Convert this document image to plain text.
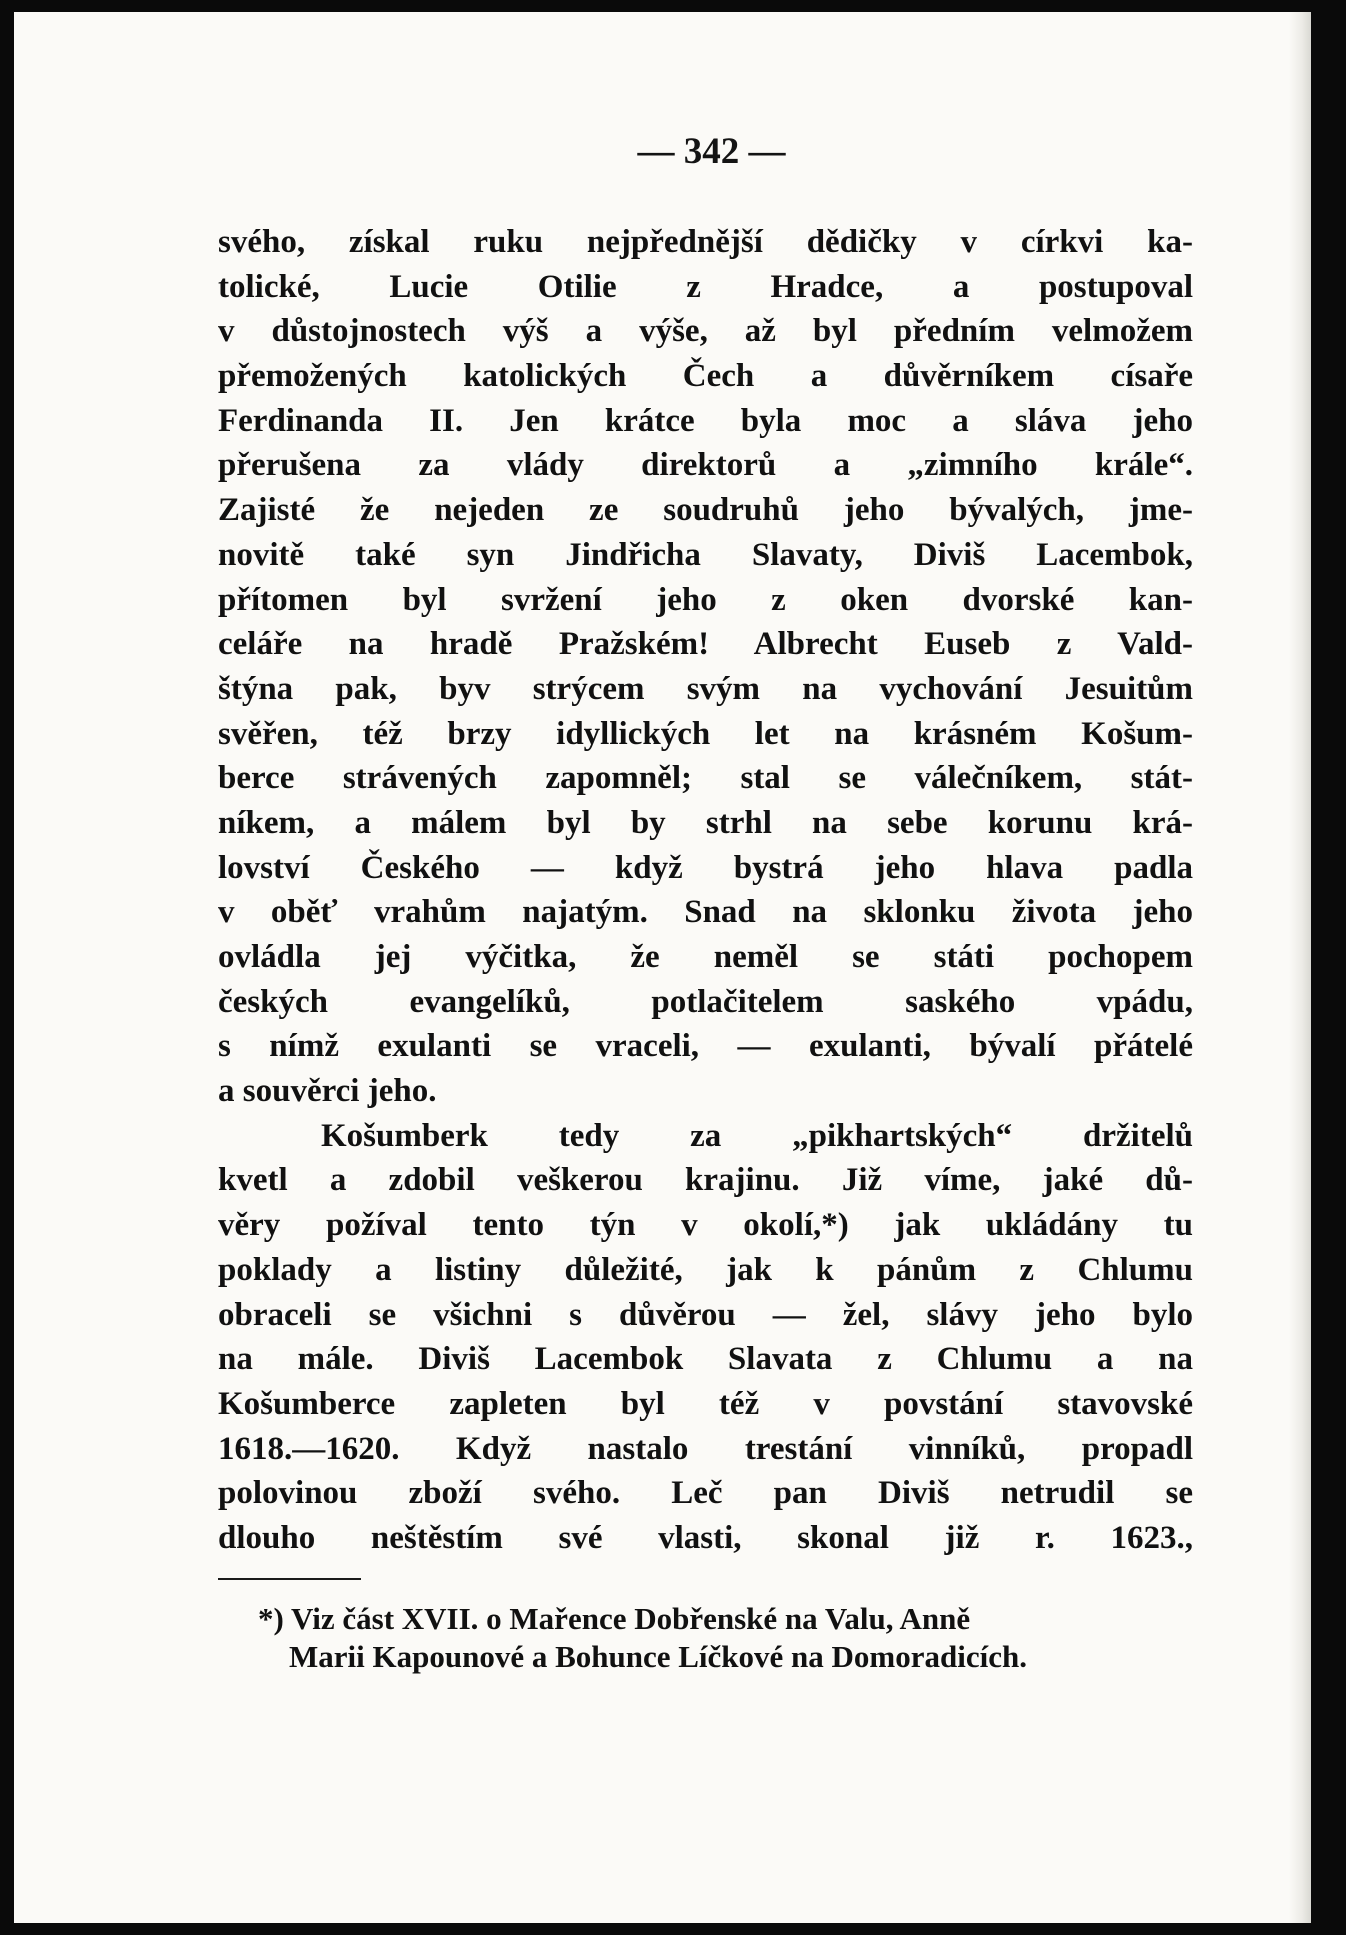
— 342 —
svého, získal ruku nejpřednější dědičky v církvi ka-
tolické, Lucie Otilie z Hradce, a postupoval
v důstojnostech výš a výše, až byl předním velmožem
přemožených katolických Čech a důvěrníkem císaře
Ferdinanda II. Jen krátce byla moc a sláva jeho
přerušena za vlády direktorů a „zimního krále“.
Zajisté že nejeden ze soudruhů jeho bývalých, jme-
novitě také syn Jindřicha Slavaty, Diviš Lacembok,
přítomen byl svržení jeho z oken dvorské kan-
celáře na hradě Pražském! Albrecht Euseb z Vald-
štýna pak, byv strýcem svým na vychování Jesuitům
svěřen, též brzy idyllických let na krásném Košum-
berce strávených zapomněl; stal se válečníkem, stát-
níkem, a málem byl by strhl na sebe korunu krá-
lovství Českého — když bystrá jeho hlava padla
v oběť vrahům najatým. Snad na sklonku života jeho
ovládla jej výčitka, že neměl se státi pochopem
českých evangelíků, potlačitelem saského vpádu,
s nímž exulanti se vraceli, — exulanti, bývalí přátelé
a souvěrci jeho.
Košumberk tedy za „pikhartských“ držitelů
kvetl a zdobil veškerou krajinu. Již víme, jaké dů-
věry požíval tento týn v okolí,*) jak ukládány tu
poklady a listiny důležité, jak k pánům z Chlumu
obraceli se všichni s důvěrou — žel, slávy jeho bylo
na mále. Diviš Lacembok Slavata z Chlumu a na
Košumberce zapleten byl též v povstání stavovské
1618.—1620. Když nastalo trestání vinníků, propadl
polovinou zboží svého. Leč pan Diviš netrudil se
dlouho neštěstím své vlasti, skonal již r. 1623.,
*) Viz část XVII. o Mařence Dobřenské na Valu, Anně
Marii Kapounové a Bohunce Líčkové na Domoradicích.
